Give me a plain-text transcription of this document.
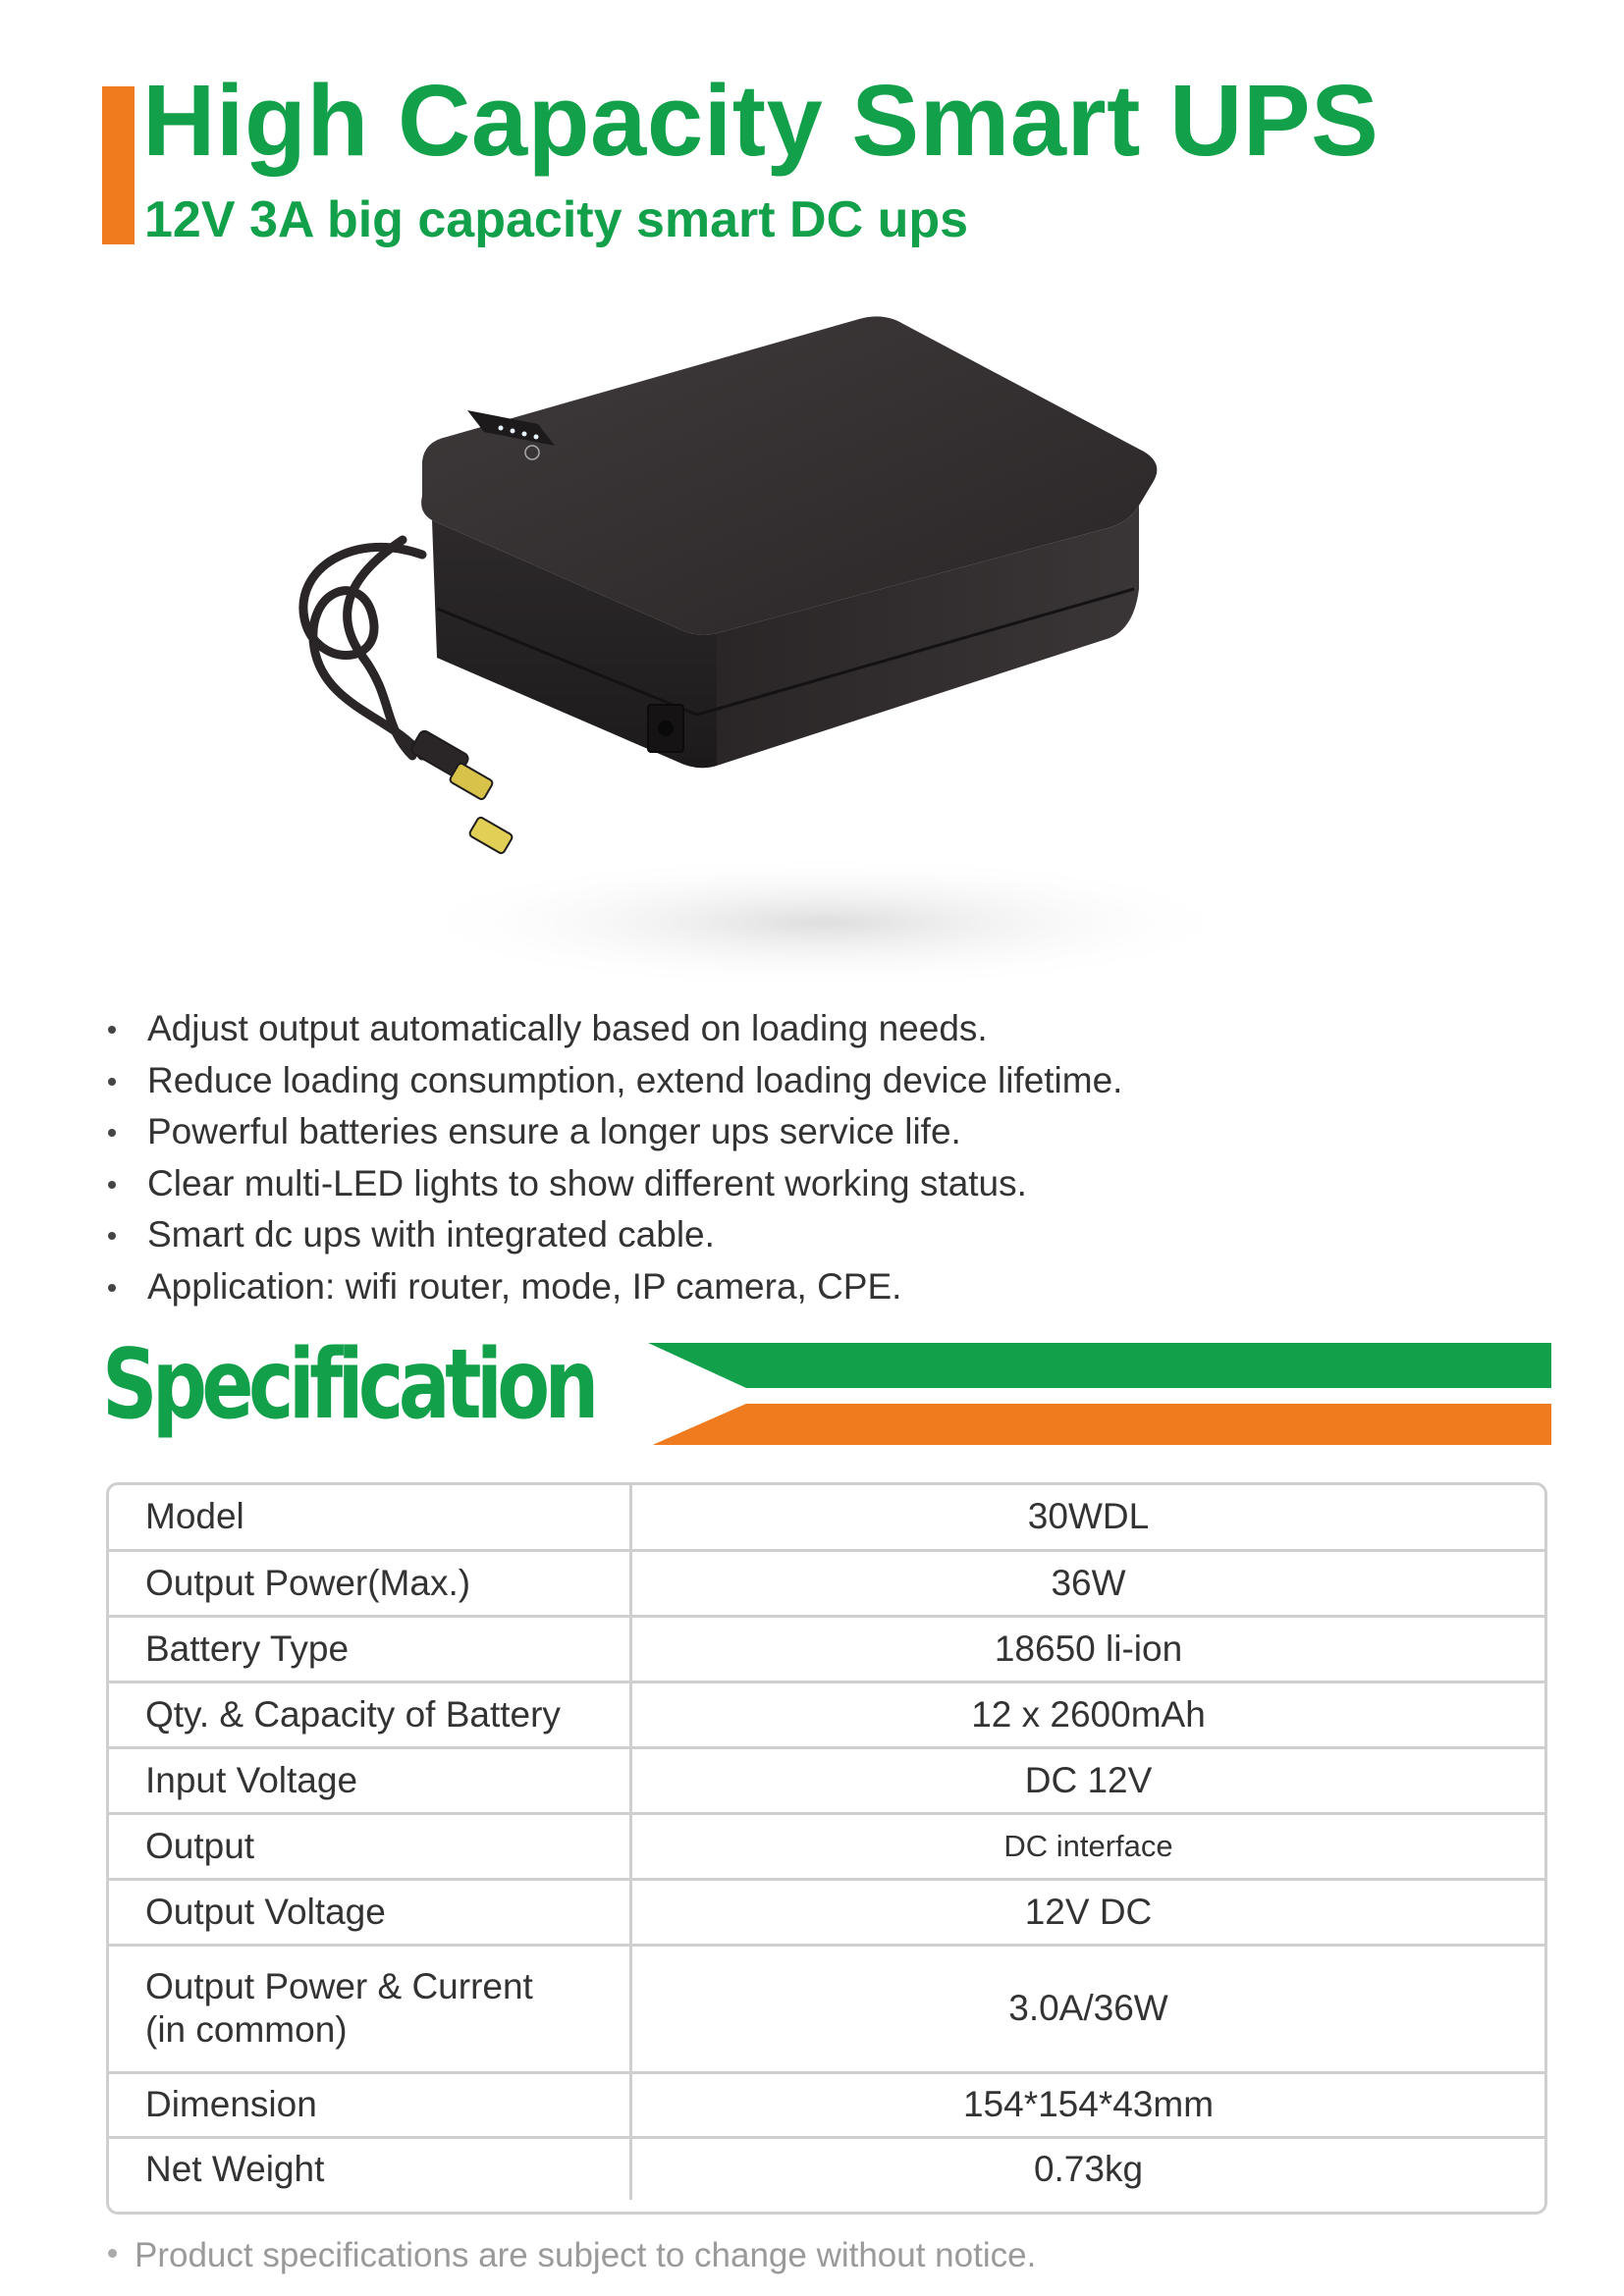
High Capacity Smart UPS
12V 3A big capacity smart DC ups
Adjust output automatically based on loading needs.
Reduce loading consumption, extend loading device lifetime.
Powerful batteries ensure a longer ups service life.
Clear multi-LED lights to show different working status.
Smart dc ups with integrated cable.
Application: wifi router, mode, IP camera, CPE.
Specification
Model	30WDL
Output Power(Max.)	36W
Battery Type	18650 li-ion
Qty. & Capacity of Battery	12 x 2600mAh
Input Voltage	DC 12V
Output	DC interface
Output Voltage	12V DC

Output Power & Current
(in common)	3.0A/36W
Dimension	154*154*43mm
Net Weight	0.73kg

Product specifications are subject to change without notice.
